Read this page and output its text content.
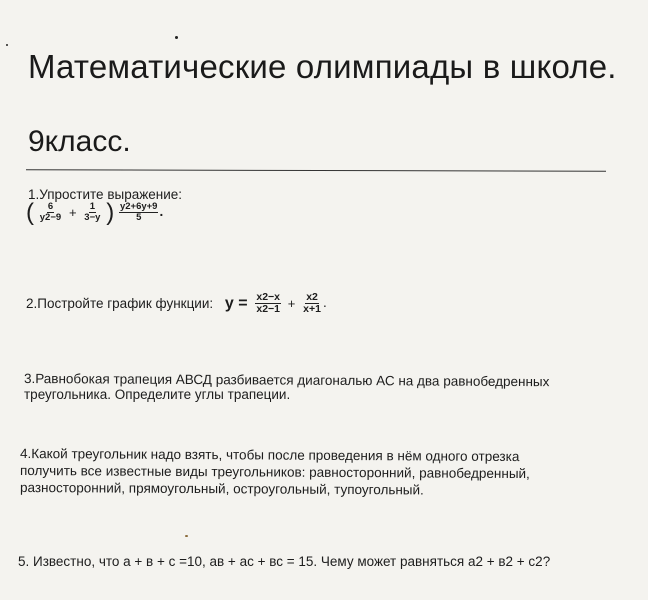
Математические олимпиады в школе.
9класс.
1.Упростите выражение:
( $\frac{6}{y2-9} + \frac{1}{3-y}$ ) $\frac{y2+6y+9}{5}$ .
2.Постройте график функции: $y = \frac{x2-x}{x2-1} + \frac{x2}{x+1}$ .
3.Равнобокая трапеция АВСД разбивается диагональю АС на два равнобедренных
треугольника. Определите углы трапеции.
4.Какой треугольник надо взять, чтобы после проведения в нём одного отрезка
получить все известные виды треугольников: равносторонний, равнобедренный,
разносторонний, прямоугольный, остроугольный, тупоугольный.
5. Известно, что а + в + с =10, ав + ас + вс = 15. Чему может равняться а2 + в2 + с2?
